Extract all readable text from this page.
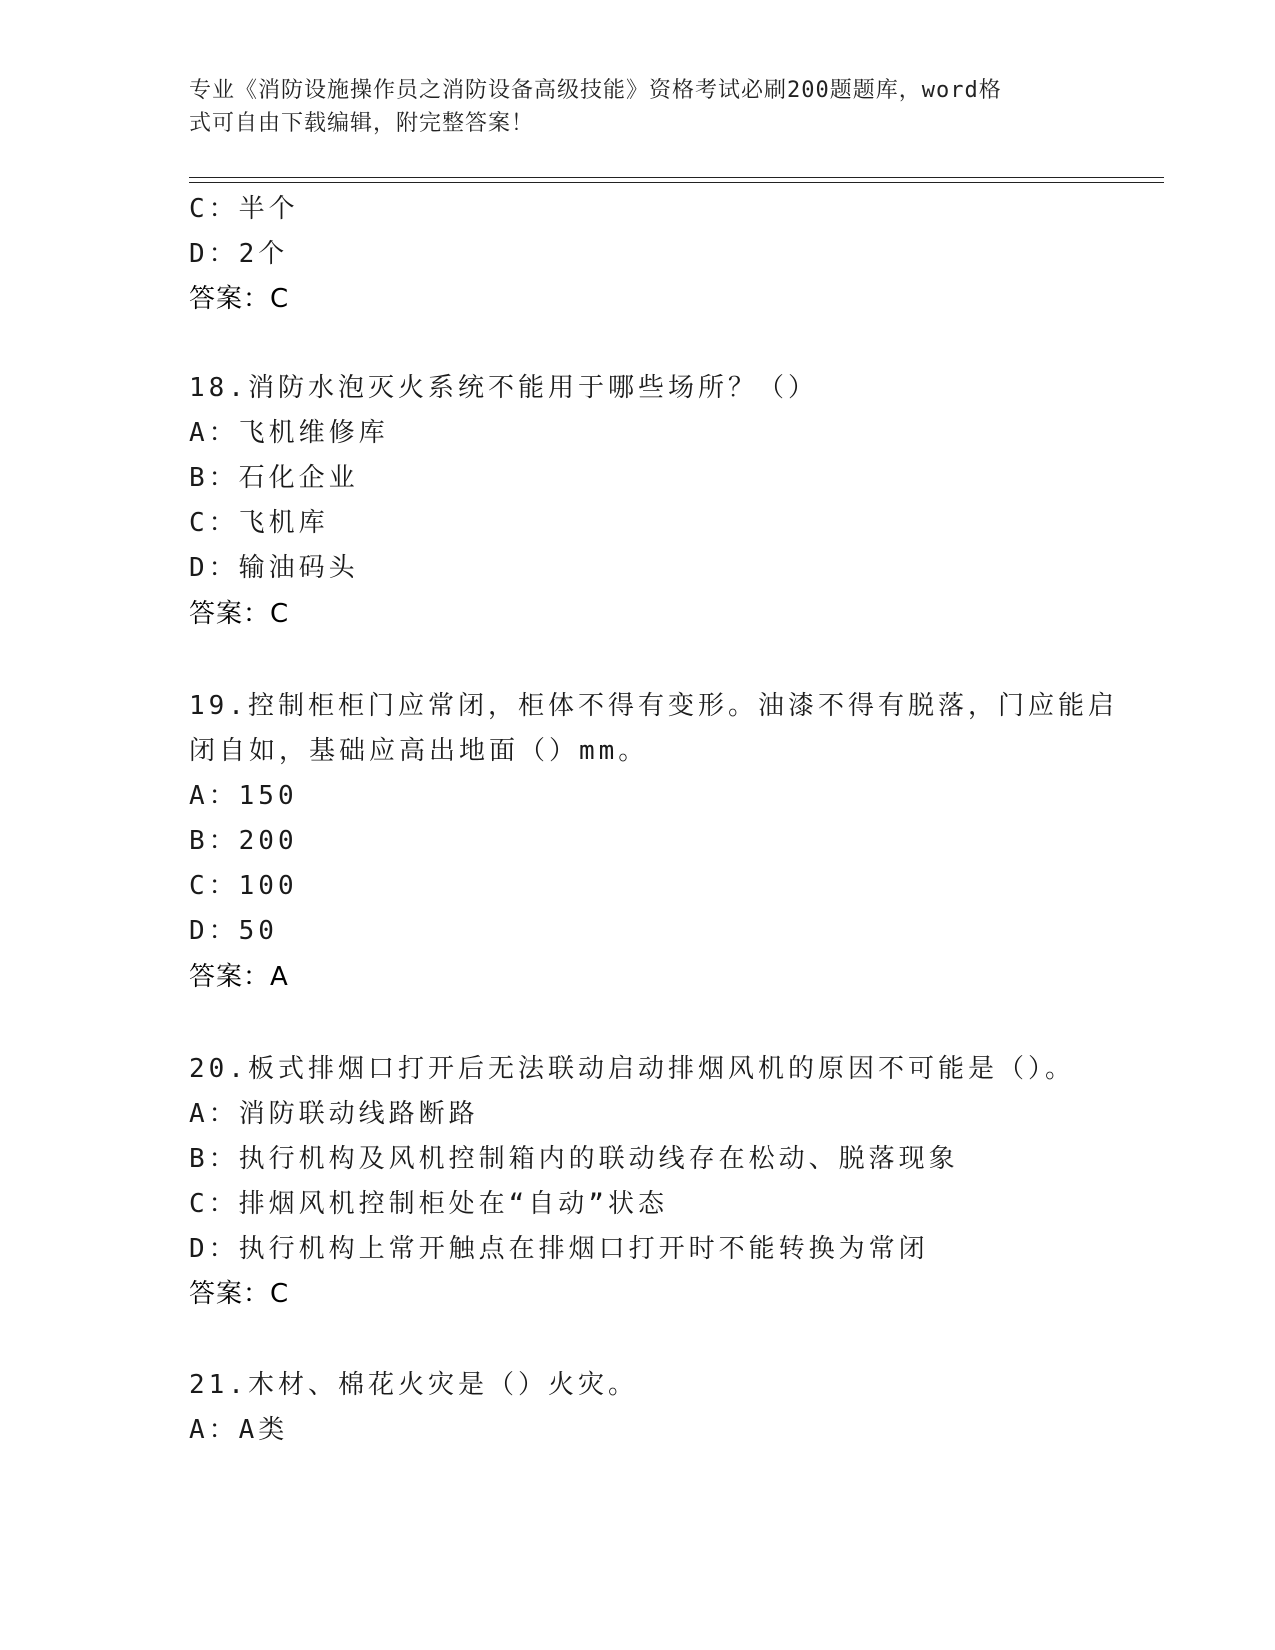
专业《消防设施操作员之消防设备高级技能》资格考试必刷200题题库，word格
式可自由下载编辑，附完整答案！
C：半个
D：2个
答案：C
18.消防水泡灭火系统不能用于哪些场所？（）
A：飞机维修库
B：石化企业
C：飞机库
D：输油码头
答案：C
19.控制柜柜门应常闭，柜体不得有变形。油漆不得有脱落，门应能启
闭自如，基础应高出地面（）mm。
A：150
B：200
C：100
D：50
答案：A
20.板式排烟口打开后无法联动启动排烟风机的原因不可能是（）。
A：消防联动线路断路
B：执行机构及风机控制箱内的联动线存在松动、脱落现象
C：排烟风机控制柜处在“自动”状态
D：执行机构上常开触点在排烟口打开时不能转换为常闭
答案：C
21.木材、棉花火灾是（）火灾。
A：A类
